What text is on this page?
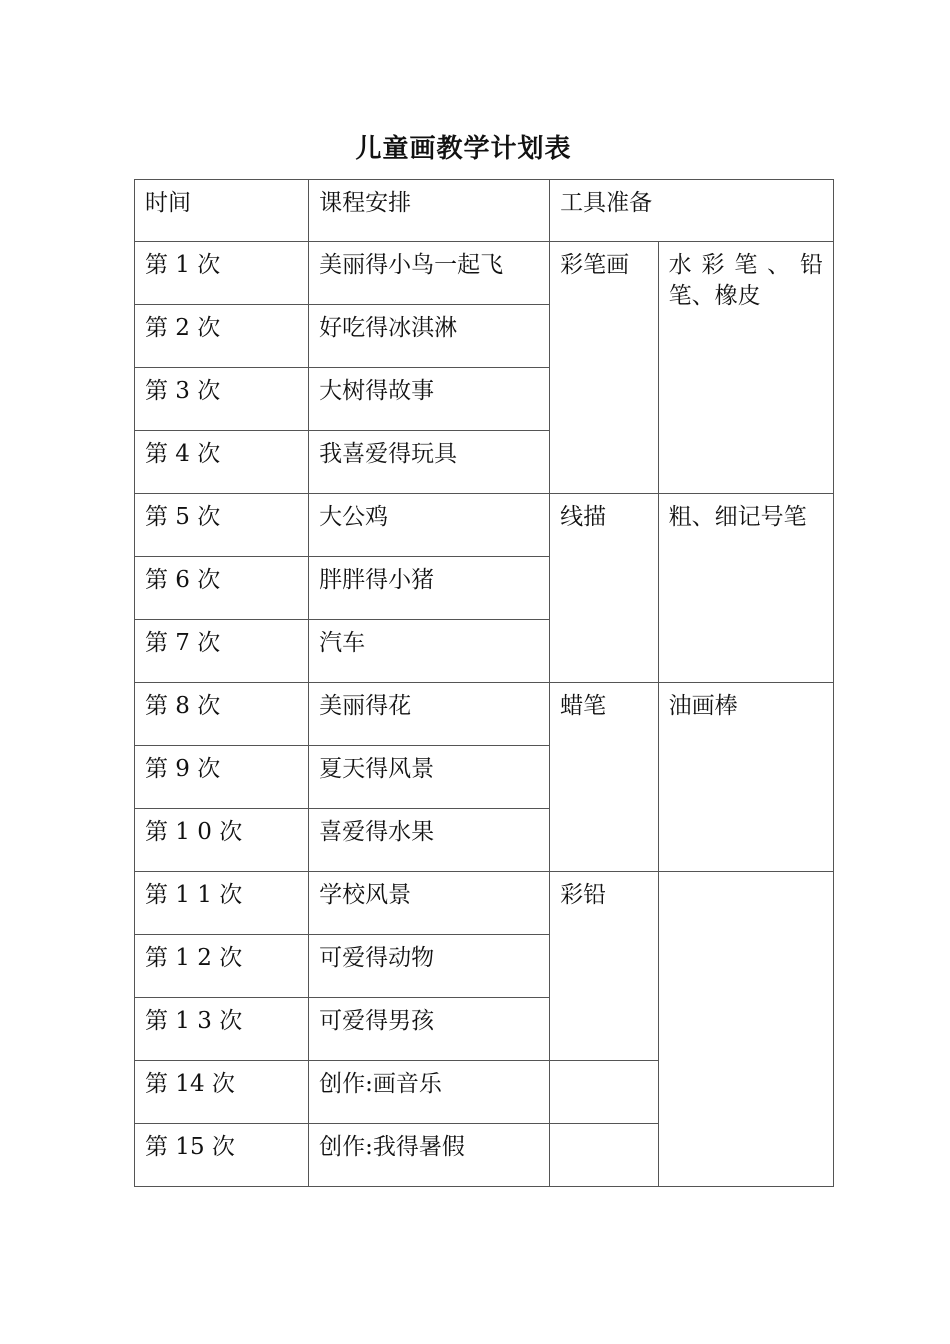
儿童画教学计划表
时间	课程安排	工具准备	
第 1 次	美丽得小鸟一起飞	彩笔画	水 彩 笔 、 铅 笔、橡皮
第 2 次	好吃得冰淇淋		
第 3 次	大树得故事		
第 4 次	我喜爱得玩具		
第 5 次	大公鸡	线描	粗、细记号笔
第 6 次	胖胖得小猪		
第 7 次	汽车		
第 8 次	美丽得花	蜡笔	油画棒
第 9 次	夏天得风景		
第 1 0 次	喜爱得水果		
第 1 1 次	学校风景	彩铅	
第 1 2 次	可爱得动物		
第 1 3 次	可爱得男孩		
第 14 次	创作:画音乐		
第 15 次	创作:我得暑假		
